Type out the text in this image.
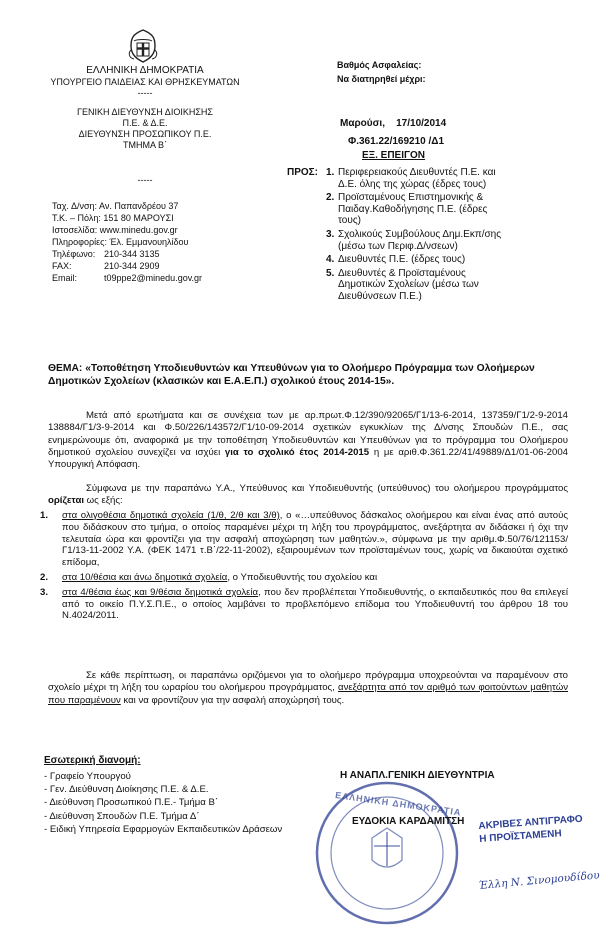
ΕΛΛΗΝΙΚΗ ΔΗΜΟΚΡΑΤΙΑ
ΥΠΟΥΡΓΕΙΟ ΠΑΙΔΕΙΑΣ ΚΑΙ ΘΡΗΣΚΕΥΜΑΤΩΝ
-----
ΓΕΝΙΚΗ ΔΙΕΥΘΥΝΣΗ ΔΙΟΙΚΗΣΗΣ
Π.Ε. & Δ.Ε.
ΔΙΕΥΘΥΝΣΗ ΠΡΟΣΩΠΙΚΟΥ Π.Ε.
ΤΜΗΜΑ Β΄
-----
Ταχ. Δ/νση: Αν. Παπανδρέου 37
Τ.Κ. – Πόλη: 151 80 ΜΑΡΟΥΣΙ
Ιστοσελίδα: www.minedu.gov.gr
Πληροφορίες: Έλ. Εμμανουηλίδου
Τηλέφωνο: 210-344 3135
FAX:	210-344 2909
Email:	t09ppe2@minedu.gov.gr
Βαθμός Ασφαλείας:
Να διατηρηθεί μέχρι:
Μαρούσι,    17/10/2014
Φ.361.22/169210 /Δ1
ΕΞ. ΕΠΕΙΓΟΝ
ΠΡΟΣ: 1. Περιφερειακούς Διευθυντές Π.Ε. και Δ.Ε. όλης της χώρας (έδρες τους)
2. Προϊσταμένους Επιστημονικής & Παιδαγ.Καθοδήγησης Π.Ε. (έδρες τους)
3. Σχολικούς Συμβούλους Δημ.Εκπ/σης (μέσω των Περιφ.Δ/νσεων)
4. Διευθυντές Π.Ε. (έδρες τους)
5. Διευθυντές & Προϊσταμένους Δημοτικών Σχολείων (μέσω των Διευθύνσεων Π.Ε.)
ΘΕΜΑ: «Τοποθέτηση Υποδιευθυντών και Υπευθύνων για το Ολοήμερο Πρόγραμμα των Ολοήμερων Δημοτικών Σχολείων (κλασικών και Ε.Α.Ε.Π.) σχολικού έτους 2014-15».
Μετά από ερωτήματα και σε συνέχεια των με αρ.πρωτ.Φ.12/390/92065/Γ1/13-6-2014, 137359/Γ1/2-9-2014 138884/Γ1/3-9-2014 και Φ.50/226/143572/Γ1/10-09-2014 σχετικών εγκυκλίων της Δ/νσης Σπουδών Π.Ε., σας ενημερώνουμε ότι, αναφορικά με την τοποθέτηση Υποδιευθυντών και Υπευθύνων για το πρόγραμμα του Ολοήμερου δημοτικού σχολείου συνεχίζει να ισχύει για το σχολικό έτος 2014-2015 η με αριθ.Φ.361.22/41/49889/Δ1/01-06-2004 Υπουργική Απόφαση.
Σύμφωνα με την παραπάνω Υ.Α., Υπεύθυνος και Υποδιευθυντής (υπεύθυνος) του ολοήμερου προγράμματος ορίζεται ως εξής:
1.	στα ολιγοθέσια δημοτικά σχολεία (1/θ, 2/θ και 3/θ), ο «…υπεύθυνος δάσκαλος ολοήμερου και είναι ένας από αυτούς που διδάσκουν στο τμήμα, ο οποίος παραμένει μέχρι τη λήξη του προγράμματος, ανεξάρτητα αν διδάσκει ή όχι την τελευταία ώρα και φροντίζει για την ασφαλή αποχώρηση των μαθητών.», σύμφωνα με την αριθμ.Φ.50/76/121153/Γ1/13-11-2002 Υ.Α. (ΦΕΚ 1471 τ.Β΄/22-11-2002), εξαιρουμένων των προϊσταμένων τους, χωρίς να δικαιούται σχετικό επίδομα,
2.	στα 10/θέσια και άνω δημοτικά σχολεία, ο Υποδιευθυντής του σχολείου και
3.	στα 4/θέσια έως και 9/θέσια δημοτικά σχολεία, που δεν προβλέπεται Υποδιευθυντής, ο εκπαιδευτικός που θα επιλεγεί από το οικείο Π.Υ.Σ.Π.Ε., ο οποίος λαμβάνει το προβλεπόμενο επίδομα του Υποδιευθυντή του άρθρου 18 του Ν.4024/2011.
Σε κάθε περίπτωση, οι παραπάνω οριζόμενοι για το ολοήμερο πρόγραμμα υποχρεούνται να παραμένουν στο σχολείο μέχρι τη λήξη του ωραρίου του ολοήμερου προγράμματος, ανεξάρτητα από τον αριθμό των φοιτούντων μαθητών που παραμένουν και να φροντίζουν για την ασφαλή αποχώρησή τους.
Εσωτερική διανομή:
- Γραφείο Υπουργού
- Γεν. Διεύθυνση Διοίκησης Π.Ε. & Δ.Ε.
- Διεύθυνση Προσωπικού Π.Ε.- Τμήμα Β΄
- Διεύθυνση Σπουδών Π.Ε. Τμήμα Δ΄
- Ειδική Υπηρεσία Εφαρμογών Εκπαιδευτικών Δράσεων
Η ΑΝΑΠΛ.ΓΕΝΙΚΗ ΔΙΕΥΘΥΝΤΡΙΑ
ΕΛΛΗΝΙΚΗ ΔΗΜΟΚΡΑΤΙΑ
ΕΥΔΟΚΙΑ ΚΑΡΔΑΜΙΤΣΗ ΑΚΡΙΒΕΣ ΑΝΤΙΓΡΑΦΟ
Η ΠΡΟΪΣΤΑΜΕΝΗ
Έλλη Ν. Σινομουδίδου
